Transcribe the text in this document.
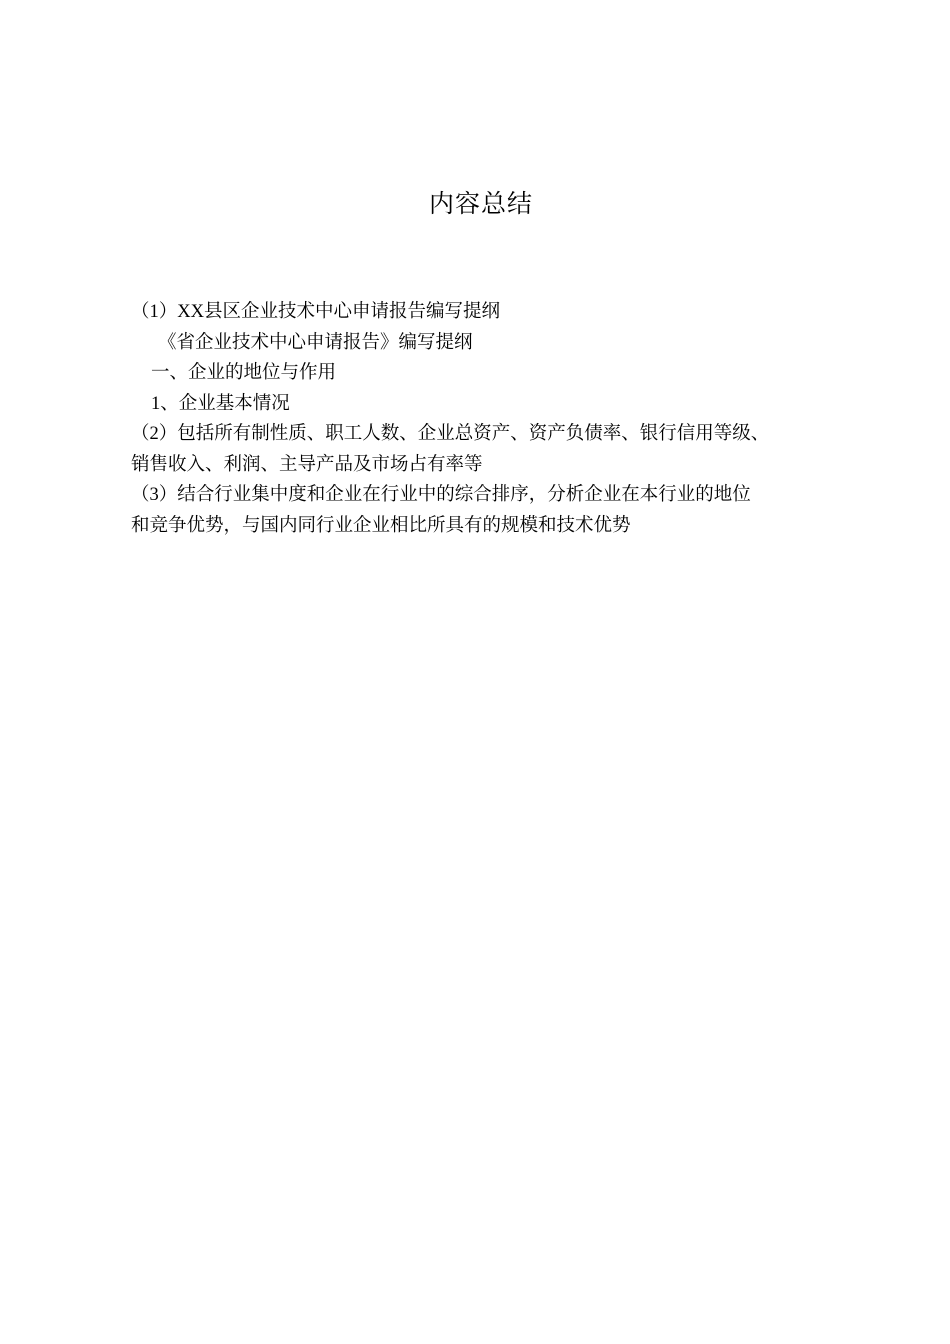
内容总结

（1）XX县区企业技术中心申请报告编写提纲

《省企业技术中心申请报告》编写提纲

一、企业的地位与作用

1、企业基本情况

（2）包括所有制性质、职工人数、企业总资产、资产负债率、银行信用等级、

销售收入、利润、主导产品及市场占有率等

（3）结合行业集中度和企业在行业中的综合排序，分析企业在本行业的地位

和竞争优势，与国内同行业企业相比所具有的规模和技术优势
